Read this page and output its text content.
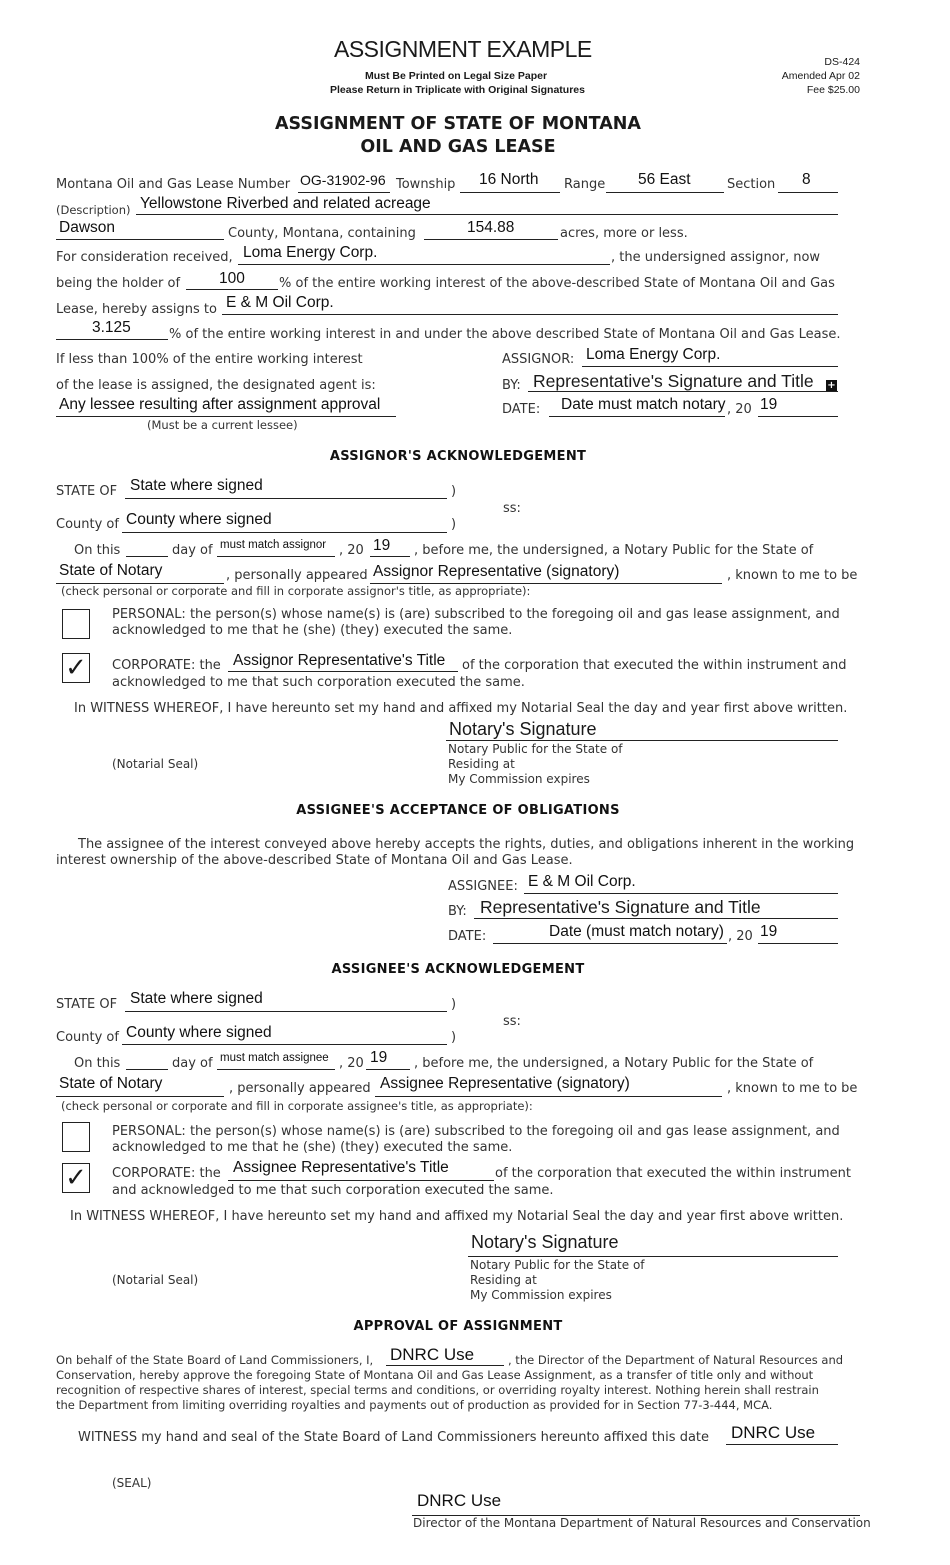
ASSIGNMENT EXAMPLE
Must Be Printed on Legal Size Paper
Please Return in Triplicate with Original Signatures
DS-424
Amended Apr 02
Fee $25.00
ASSIGNMENT OF STATE OF MONTANA
OIL AND GAS LEASE
Montana Oil and Gas Lease Number OG-31902-96 Township 16 North Range 56 East	Section 8
(Description) Yellowstone Riverbed and related acreage
Dawson	County, Montana, containing	154.88	acres, more or less.
For consideration received, Loma Energy Corp.	, the undersigned assignor, now
being the holder of	100	% of the entire working interest of the above-described State of Montana Oil and Gas
Lease, hereby assigns to E & M Oil Corp.
3.125	% of the entire working interest in and under the above described State of Montana Oil and Gas Lease.
If less than 100% of the entire working interest
of the lease is assigned, the designated agent is:
Any lessee resulting after assignment approval
(Must be a current lessee)
ASSIGNOR: Loma Energy Corp.
BY: Representative's Signature and Title +
DATE: Date must match notary , 20 19
ASSIGNOR'S ACKNOWLEDGEMENT
STATE OF State where signed	)
ss:
County of County where signed	)
On this	day of must match assignor , 20 19 , before me, the undersigned, a Notary Public for the State of
State of Notary	, personally appeared Assignor Representative (signatory)	, known to me to be
(check personal or corporate and fill in corporate assignor's title, as appropriate):
PERSONAL: the person(s) whose name(s) is (are) subscribed to the foregoing oil and gas lease assignment, and acknowledged to me that he (she) (they) executed the same.
✓ CORPORATE: the Assignor Representative's Title of the corporation that executed the within instrument and
acknowledged to me that such corporation executed the same.
In WITNESS WHEREOF, I have hereunto set my hand and affixed my Notarial Seal the day and year first above written.
Notary's Signature
Notary Public for the State of
Residing at
My Commission expires
(Notarial Seal)
ASSIGNEE'S ACCEPTANCE OF OBLIGATIONS
The assignee of the interest conveyed above hereby accepts the rights, duties, and obligations inherent in the working
interest ownership of the above-described State of Montana Oil and Gas Lease.
ASSIGNEE: E & M Oil Corp.
BY: Representative's Signature and Title
DATE:	Date (must match notary) , 20 19
ASSIGNEE'S ACKNOWLEDGEMENT
STATE OF State where signed	)
ss:
County of County where signed	)
On this	day of must match assignee , 20 19 , before me, the undersigned, a Notary Public for the State of
State of Notary	, personally appeared Assignee Representative (signatory)	, known to me to be
(check personal or corporate and fill in corporate assignee's title, as appropriate):
PERSONAL: the person(s) whose name(s) is (are) subscribed to the foregoing oil and gas lease assignment, and acknowledged to me that he (she) (they) executed the same.
✓ CORPORATE: the Assignee Representative's Title	of the corporation that executed the within instrument
and acknowledged to me that such corporation executed the same.
In WITNESS WHEREOF, I have hereunto set my hand and affixed my Notarial Seal the day and year first above written.
Notary's Signature
Notary Public for the State of
Residing at
My Commission expires
(Notarial Seal)
APPROVAL OF ASSIGNMENT
On behalf of the State Board of Land Commissioners, I, DNRC Use	, the Director of the Department of Natural Resources and
Conservation, hereby approve the foregoing State of Montana Oil and Gas Lease Assignment, as a transfer of title only and without
recognition of respective shares of interest, special terms and conditions, or overriding royalty interest. Nothing herein shall restrain
the Department from limiting overriding royalties and payments out of production as provided for in Section 77-3-444, MCA.
WITNESS my hand and seal of the State Board of Land Commissioners hereunto affixed this date DNRC Use
(SEAL)
DNRC Use
Director of the Montana Department of Natural Resources and Conservation
